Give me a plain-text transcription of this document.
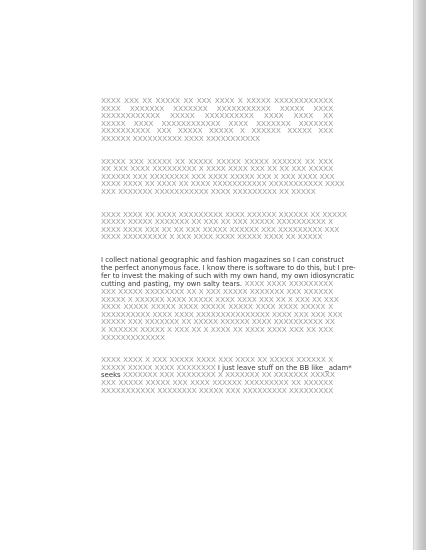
XXXX XXX XX XXXXX XX XXX XXXX X XXXXX XXXXXXXXXXXX
XXXX XXXXXXX XXXXXXX XXXXXXXXXXX XXXXX XXXX
XXXXXXXXXXXX XXXXX XXXXXXXXXX XXXX XXXX XX
XXXXX XXXX XXXXXXXXXXXX XXXX XXXXXXX XXXXXXX
XXXXXXXXXX XXX XXXXX XXXXX X XXXXXX XXXXX XXX
XXXXXX XXXXXXXXXX XXXX XXXXXXXXXXX
XXXXX XXX XXXXX XX XXXXX XXXXX XXXXX XXXXXX XX XXX
XX XXX XXXX XXXXXXXXX X XXXX XXXX XXX XX XX XXX XXXXX
XXXXXX XXX XXXXXXXX XXX XXXX XXXXX XXX X XXX XXXX XXX
XXXX XXXX XX XXXX XX XXXX XXXXXXXXXXX XXXXXXXXXXX XXXX
XXX XXXXXXX XXXXXXXXXXX XXXX XXXXXXXXX XX XXXXX
XXXX XXXX XX XXXX XXXXXXXXX XXXX XXXXXX XXXXXX XX XXXXX
XXXXX XXXXX XXXXXXX XX XXX XX XXX XXXXX XXXXXXXXXX X
XXXX XXXX XXX XX XX XXX XXXXX XXXXXX XXX XXXXXXXXX XXX
XXXX XXXXXXXXX X XXX XXXX XXXX XXXXX XXXX XX XXXXX
I collect national geographic and fashion magazines so I can construct
the perfect anonymous face. I know there is software to do this, but I pre-
fer to invest the making of such with my own hand, my own idiosyncratic
cutting and pasting, my own salty tears. XXXX XXXX XXXXXXXXX
XXX XXXXX XXXXXXXX XX X XXX XXXXX XXXXXXX XXX XXXXXX
XXXXX X XXXXXX XXXX XXXXX XXXX XXXX XXX XX X XXX XX XXX
XXXX XXXXX XXXXX XXXX XXXXX XXXXX XXXX XXXX XXXXX X
XXXXXXXXXX XXXX XXXX XXXXXXXXXXXXXXX XXXX XXX XXX XXX
XXXXX XXX XXXXXXX XX XXXXX XXXXXX XXXX XXXXXXXXXX XX
X XXXXXX XXXXX X XXX XX X XXXX XX XXXX XXXX XXX XX XXX
XXXXXXXXXXXXX
XXXX XXXX X XXX XXXXX XXXX XXX XXXX XX XXXXX XXXXXX X
XXXXX XXXXX XXXX XXXXXXXX I just leave stuff on the BB like _adam*
seeks XXXXXXX XXX XXXXXXXX X XXXXXXX XX XXXXXXX XXXXX
XXX XXXXX XXXXX XXX XXXX XXXXXX XXXXXXXXX XX XXXXXX
XXXXXXXXXXX XXXXXXXX XXXXX XXX XXXXXXXXX XXXXXXXXX
